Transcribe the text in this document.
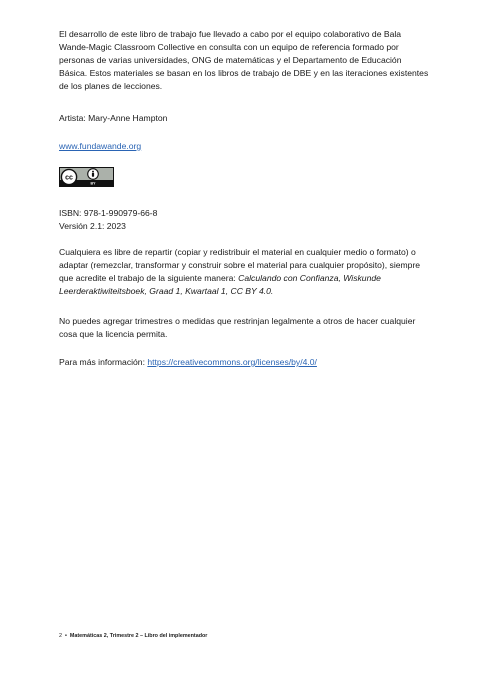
El desarrollo de este libro de trabajo fue llevado a cabo por el equipo colaborativo de Bala Wande-Magic Classroom Collective en consulta con un equipo de referencia formado por personas de varias universidades, ONG de matemáticas y el Departamento de Educación Básica. Estos materiales se basan en los libros de trabajo de DBE y en las iteraciones existentes de los planes de lecciones.

Artista: Mary-Anne Hampton

www.fundawande.org

cc
BY

ISBN: 978-1-990979-66-8

Versión 2.1: 2023

Cualquiera es libre de repartir (copiar y redistribuir el material en cualquier medio o formato) o adaptar (remezclar, transformar y construir sobre el material para cualquier propósito), siempre que acredite el trabajo de la siguiente manera: Calculando con Confianza, Wiskunde Leerderaktiwiteitsboek, Graad 1, Kwartaal 1, CC BY 4.0.

No puedes agregar trimestres o medidas que restrinjan legalmente a otros de hacer cualquier cosa que la licencia permita.

Para más información: https://creativecommons.org/licenses/by/4.0/

2 • Matemáticas 2, Trimestre 2 – Libro del implementador
